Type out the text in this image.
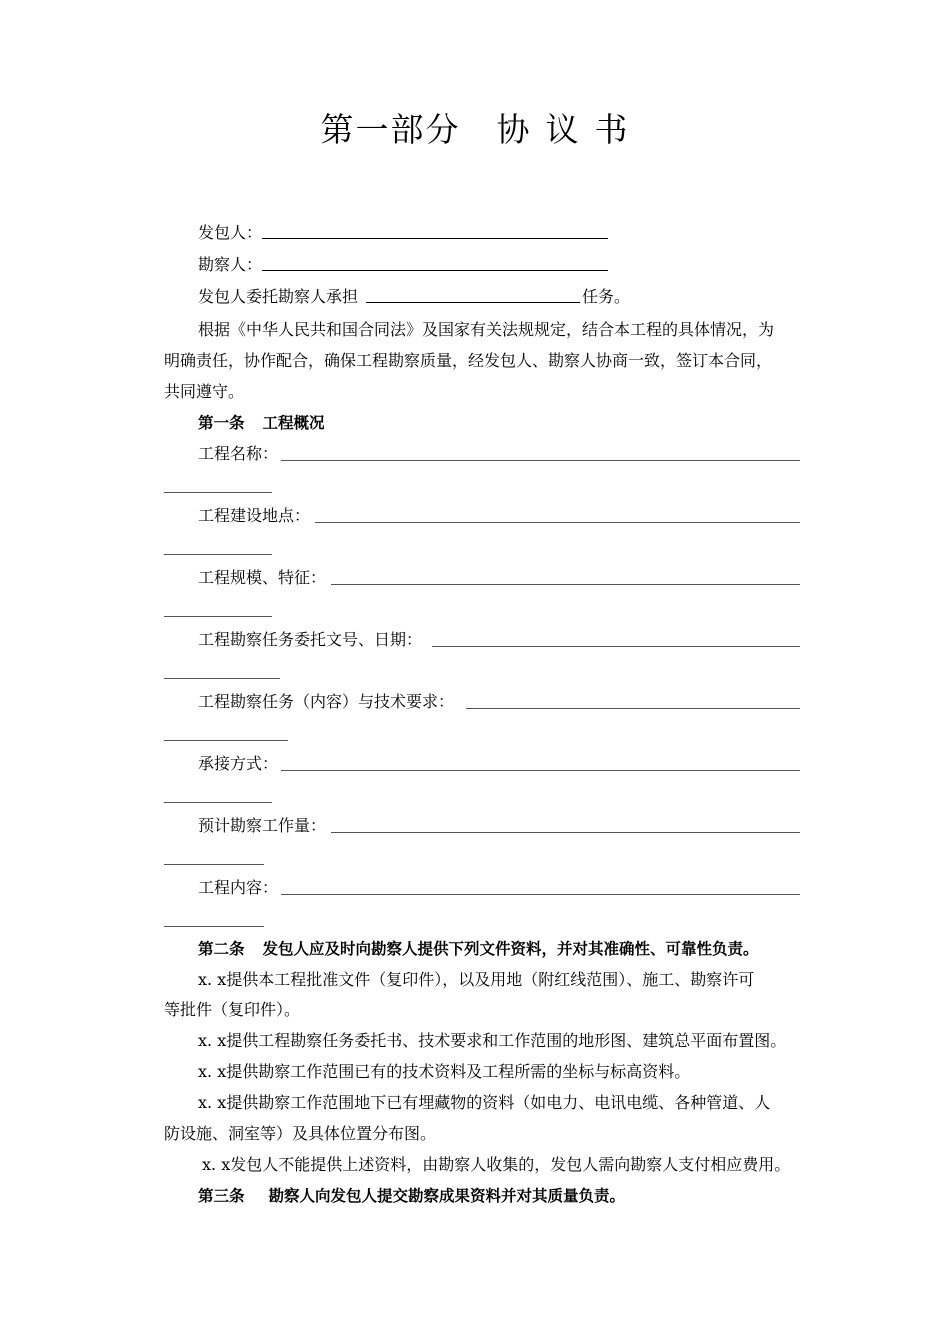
第一部分 协 议 书
发包人：
勘察人：
发包人委托勘察人承担	任务。
根据《中华人民共和国合同法》及国家有关法规规定，结合本工程的具体情况，为
明确责任，协作配合，确保工程勘察质量，经发包人、勘察人协商一致，签订本合同，
共同遵守。
第一条 工程概况
工程名称：
工程建设地点：
工程规模、特征：
工程勘察任务委托文号、日期：
工程勘察任务（内容）与技术要求：
承接方式：
预计勘察工作量：
工程内容：
第二条 发包人应及时向勘察人提供下列文件资料，并对其准确性、可靠性负责。
x. x提供本工程批准文件（复印件），以及用地（附红线范围）、施工、勘察许可
等批件（复印件）。
x. x提供工程勘察任务委托书、技术要求和工作范围的地形图、建筑总平面布置图。
x. x提供勘察工作范围已有的技术资料及工程所需的坐标与标高资料。
x. x提供勘察工作范围地下已有埋藏物的资料（如电力、电讯电缆、各种管道、人
防设施、洞室等）及具体位置分布图。
x. x发包人不能提供上述资料，由勘察人收集的，发包人需向勘察人支付相应费用。
第三条 勘察人向发包人提交勘察成果资料并对其质量负责。
